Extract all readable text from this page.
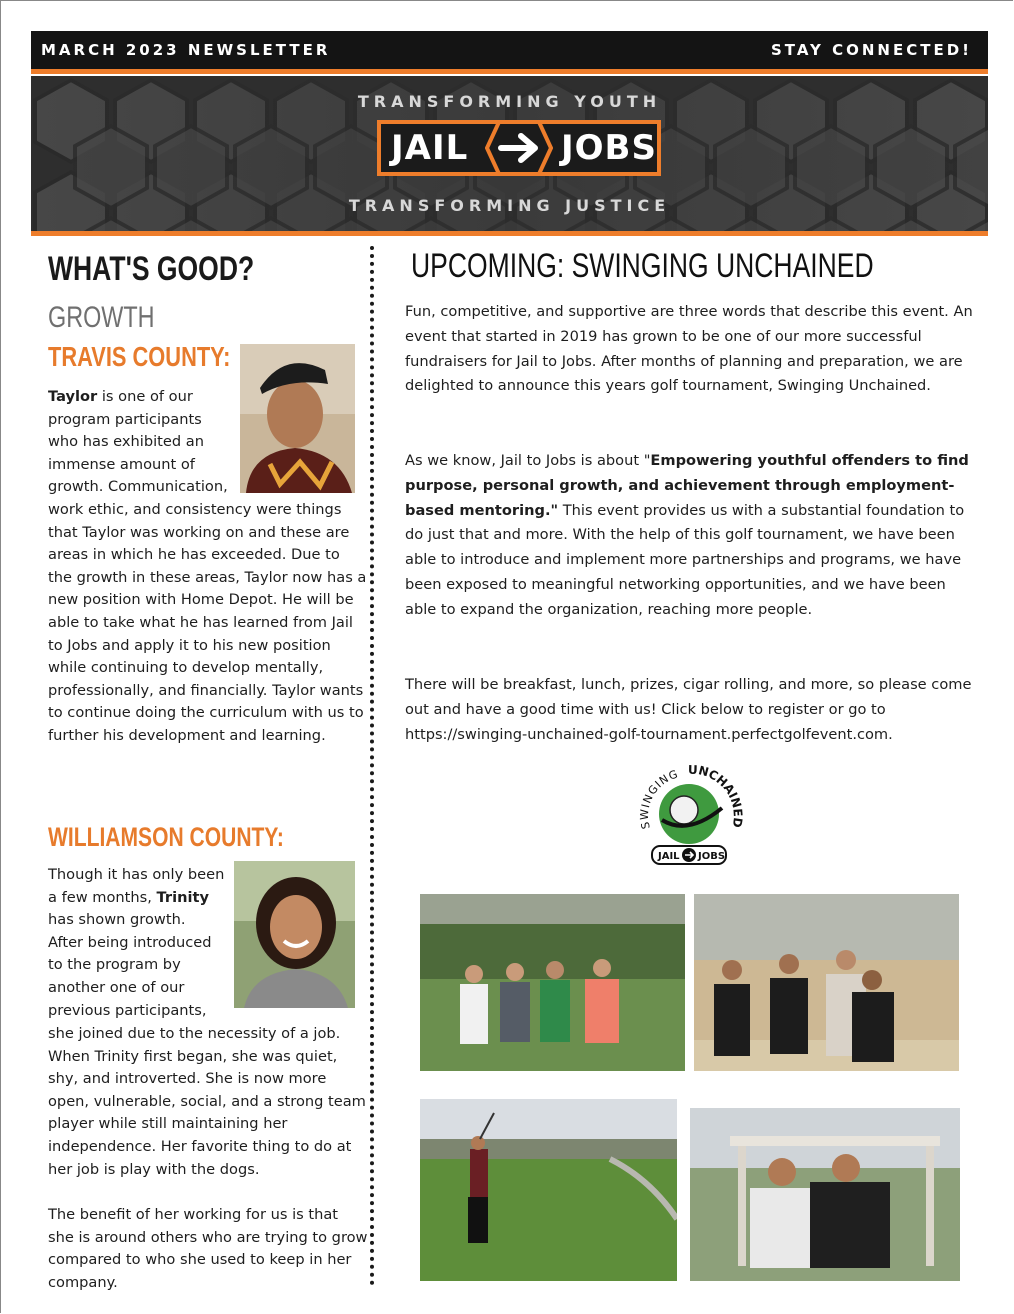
MARCH 2023 NEWSLETTER	STAY CONNECTED!
TRANSFORMING YOUTH
JAIL	JOBS
TRANSFORMING JUSTICE
WHAT'S GOOD?
GROWTH
TRAVIS COUNTY:

Taylor is one of our
program participants
who has exhibited an
immense amount of
growth. Communication,

work ethic, and consistency were things that Taylor was working on and these are areas in which he has exceeded. Due to the growth in these areas, Taylor now has a new position with Home Depot. He will be able to take what he has learned from Jail to Jobs and apply it to his new position while continuing to develop mentally, professionally, and financially. Taylor wants to continue doing the curriculum with us to further his development and learning.

WILLIAMSON COUNTY:

Though it has only been
a few months, Trinity
has shown growth.
After being introduced
to the program by
another one of our
previous participants,

she joined due to the necessity of a job. When Trinity first began, she was quiet, shy, and introverted. She is now more open, vulnerable, social, and a strong team player while still maintaining her independence. Her favorite thing to do at her job is play with the dogs.

The benefit of her working for us is that she is around others who are trying to grow compared to who she used to keep in her company.

UPCOMING: SWINGING UNCHAINED

Fun, competitive, and supportive are three words that describe this event. An event that started in 2019 has grown to be one of our more successful fundraisers for Jail to Jobs. After months of planning and preparation, we are delighted to announce this years golf tournament, Swinging Unchained.

As we know, Jail to Jobs is about "Empowering youthful offenders to find purpose, personal growth, and achievement through employment-based mentoring." This event provides us with a substantial foundation to do just that and more. With the help of this golf tournament, we have been able to introduce and implement more partnerships and programs, we have been exposed to meaningful networking opportunities, and we have been able to expand the organization, reaching more people.

There will be breakfast, lunch, prizes, cigar rolling, and more, so please come out and have a good time with us! Click below to register or go to https://swinging-unchained-golf-tournament.perfectgolfevent.com.

SWINGING UNCHAINED
JAIL JOBS
